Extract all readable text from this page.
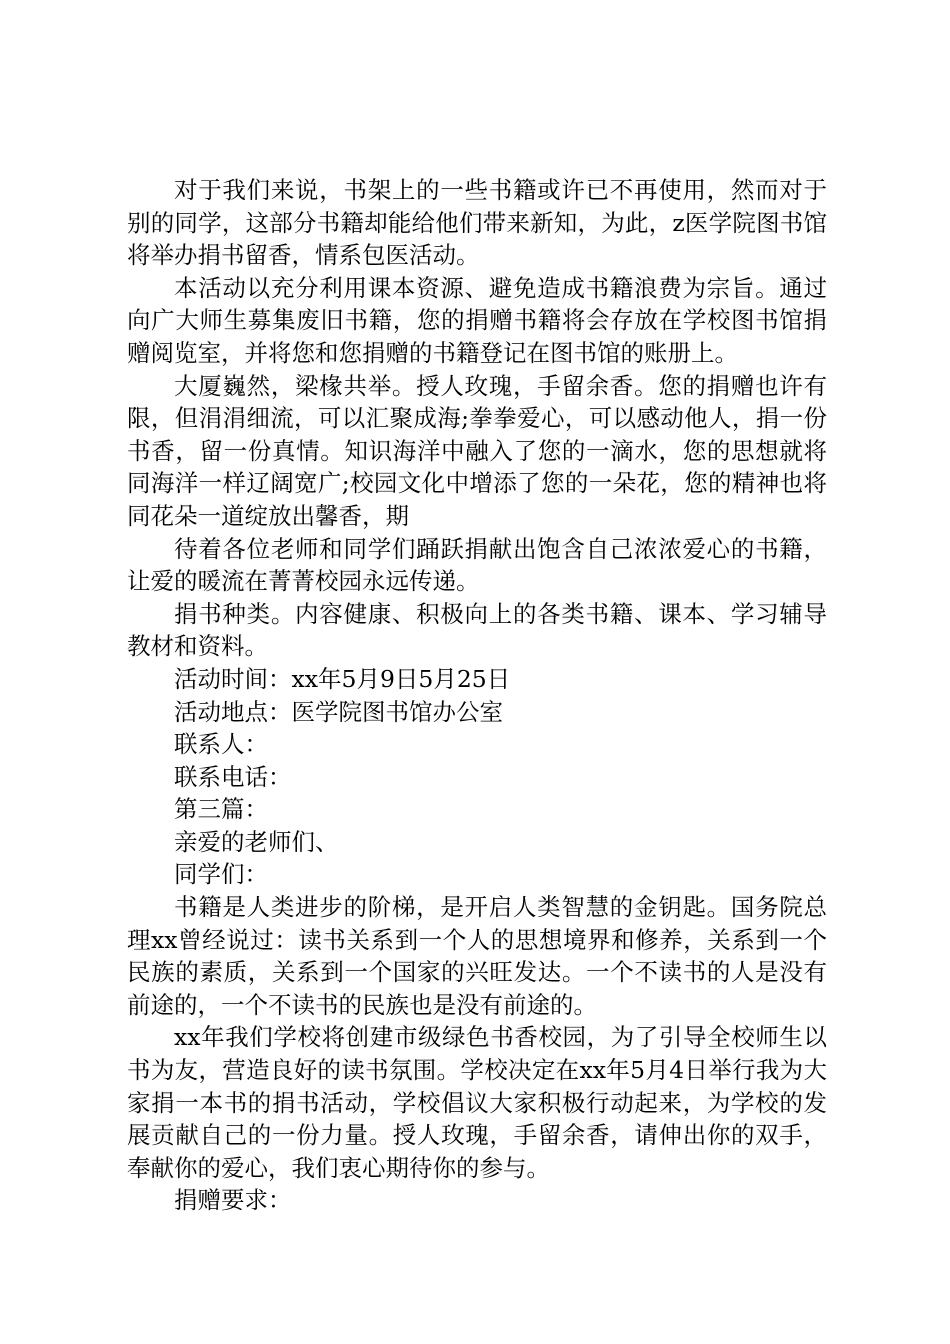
对于我们来说，书架上的一些书籍或许已不再使用，然而对于别的同学，这部分书籍却能给他们带来新知，为此，z医学院图书馆将举办捐书留香，情系包医活动。

本活动以充分利用课本资源、避免造成书籍浪费为宗旨。通过向广大师生募集废旧书籍，您的捐赠书籍将会存放在学校图书馆捐赠阅览室，并将您和您捐赠的书籍登记在图书馆的账册上。

大厦巍然，梁椽共举。授人玫瑰，手留余香。您的捐赠也许有限，但涓涓细流，可以汇聚成海;拳拳爱心，可以感动他人，捐一份书香，留一份真情。知识海洋中融入了您的一滴水，您的思想就将同海洋一样辽阔宽广;校园文化中增添了您的一朵花，您的精神也将同花朵一道绽放出馨香，期

待着各位老师和同学们踊跃捐献出饱含自己浓浓爱心的书籍，让爱的暖流在菁菁校园永远传递。

捐书种类。内容健康、积极向上的各类书籍、课本、学习辅导教材和资料。

活动时间：xx年5月9日5月25日

活动地点：医学院图书馆办公室

联系人：

联系电话：

第三篇：

亲爱的老师们、

同学们：

书籍是人类进步的阶梯，是开启人类智慧的金钥匙。国务院总理xx曾经说过：读书关系到一个人的思想境界和修养，关系到一个民族的素质，关系到一个国家的兴旺发达。一个不读书的人是没有前途的，一个不读书的民族也是没有前途的。

xx年我们学校将创建市级绿色书香校园，为了引导全校师生以书为友，营造良好的读书氛围。学校决定在xx年5月4日举行我为大家捐一本书的捐书活动，学校倡议大家积极行动起来，为学校的发展贡献自己的一份力量。授人玫瑰，手留余香，请伸出你的双手，奉献你的爱心，我们衷心期待你的参与。

捐赠要求：
